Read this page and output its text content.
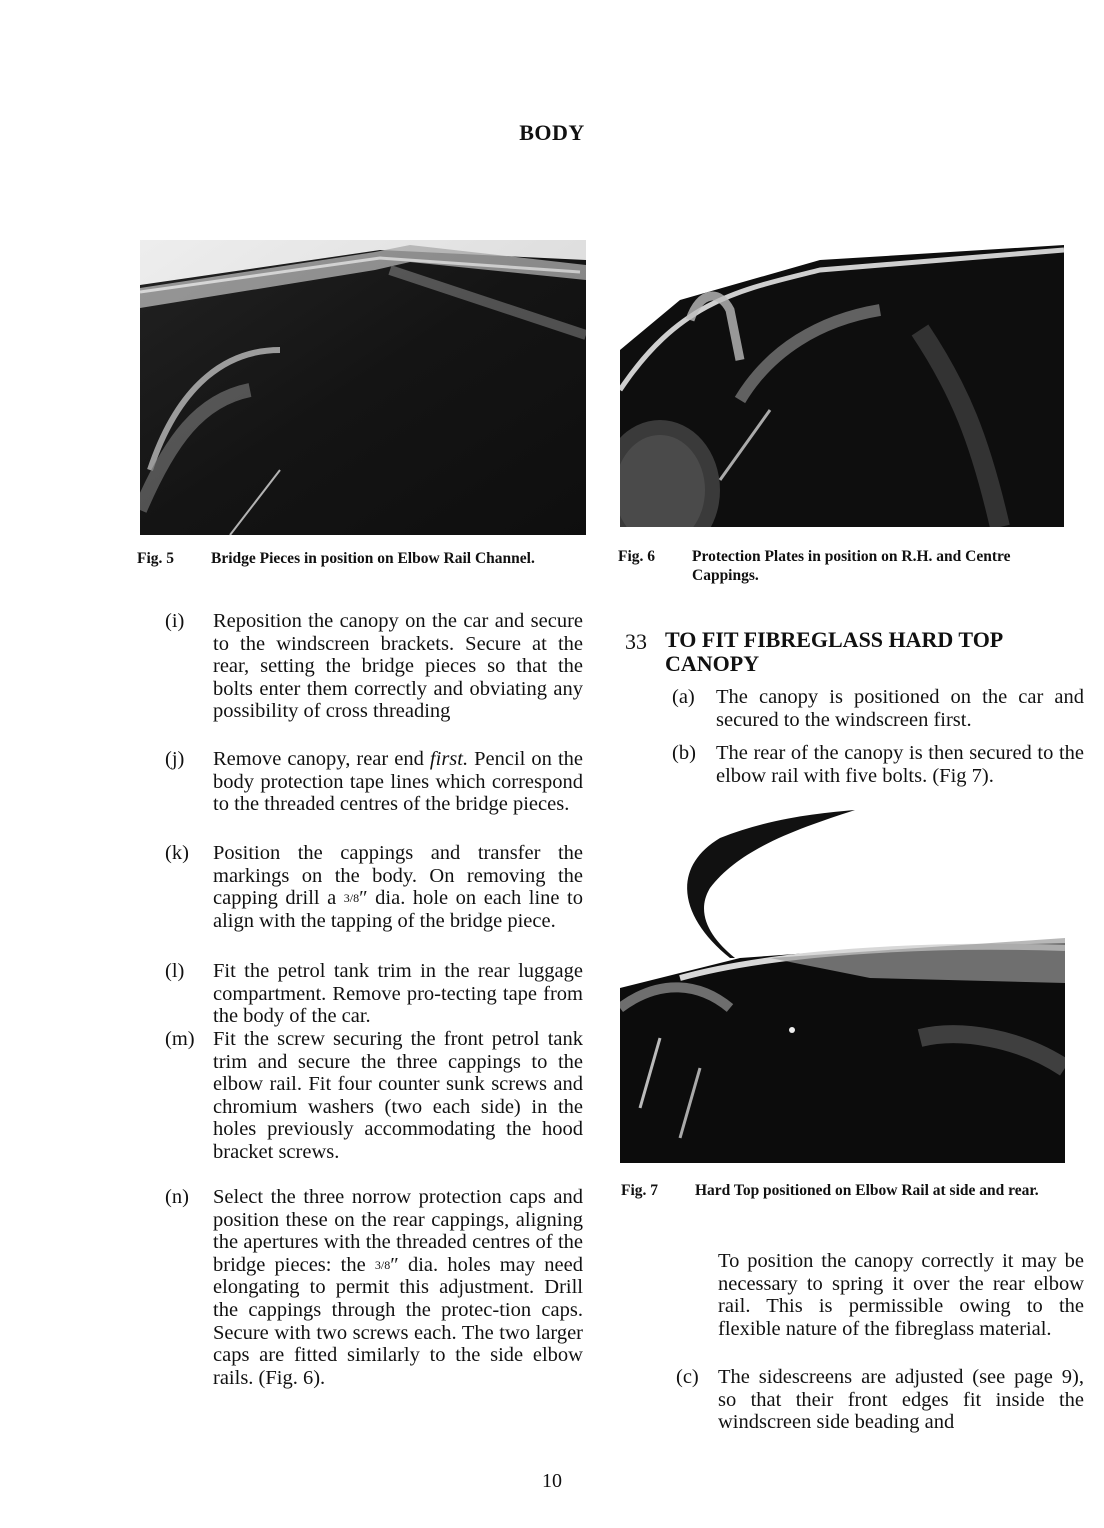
BODY
Fig. 5 Bridge Pieces in position on Elbow Rail Channel.	Fig. 6 Protection Plates in position on R.H. and Centre Cappings.
(i) Reposition the canopy on the car and secure to the windscreen brackets. Secure at the rear, setting the bridge pieces so that the bolts enter them correctly and obviating any possibility of cross threading
(j) Remove canopy, rear end first. Pencil on the body protection tape lines which correspond to the threaded centres of the bridge pieces.
(k) Position the cappings and transfer the markings on the body. On removing the capping drill a 3/8″ dia. hole on each line to align with the tapping of the bridge piece.
(l) Fit the petrol tank trim in the rear luggage compartment. Remove pro-tecting tape from the body of the car.
(m) Fit the screw securing the front petrol tank trim and secure the three cappings to the elbow rail. Fit four counter sunk screws and chromium washers (two each side) in the holes previously accommodating the hood bracket screws.
(n) Select the three norrow protection caps and position these on the rear cappings, aligning the apertures with the threaded centres of the bridge pieces: the 3/8″ dia. holes may need elongating to permit this adjustment. Drill the cappings through the protec-tion caps. Secure with two screws each. The two larger caps are fitted similarly to the side elbow rails. (Fig. 6).
33 TO FIT FIBREGLASS HARD TOP
CANOPY
(a) The canopy is positioned on the car and secured to the windscreen first.
(b) The rear of the canopy is then secured to the elbow rail with five bolts. (Fig 7).
Fig. 7 Hard Top positioned on Elbow Rail at side and rear.
To position the canopy correctly it may be necessary to spring it over the rear elbow rail. This is permissible owing to the flexible nature of the fibreglass material.
(c) The sidescreens are adjusted (see page 9), so that their front edges fit inside the windscreen side beading and
10
